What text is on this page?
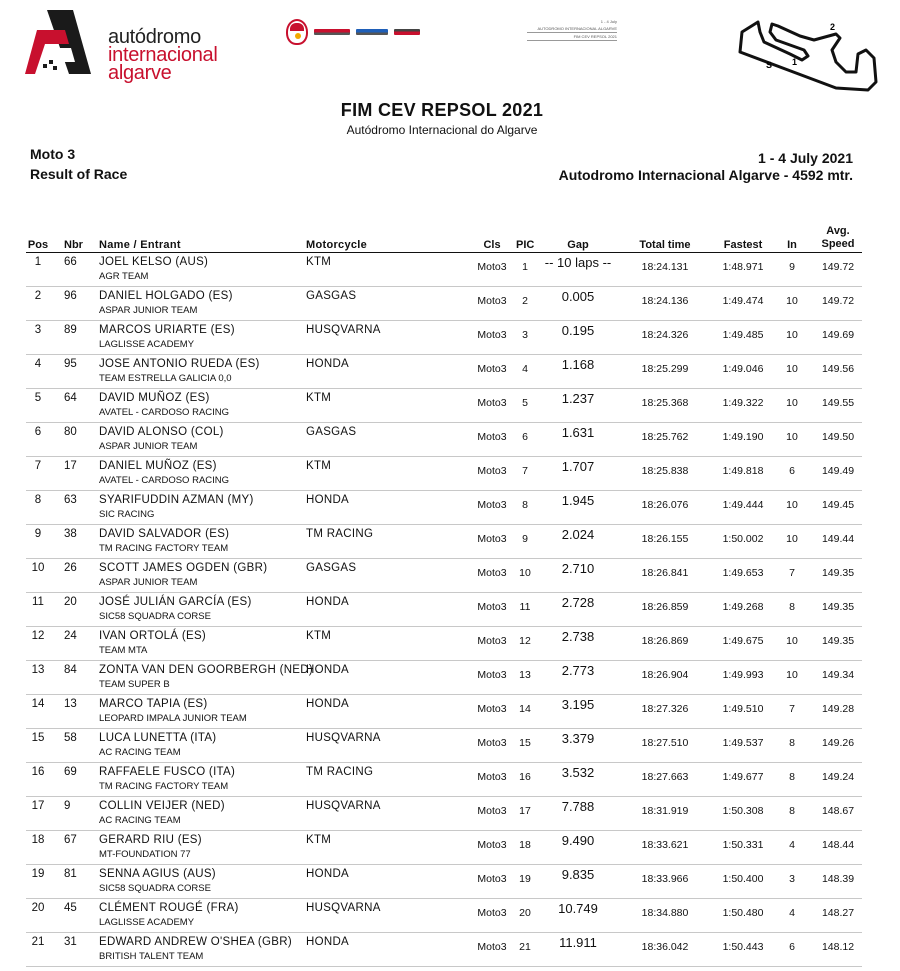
autódromo
internacional
algarve
1 - 4 July
AUTODROMO INTERNACIONAL ALGARVE
FIM CEV REPSOL 2021
S 1
2
FIM CEV REPSOL 2021
Autódromo Internacional do Algarve
Moto 3
Result of Race
1 - 4 July 2021
Autodromo Internacional Algarve - 4592 mtr.
Pos Nbr Name / Entrant	Motorcycle	Cls	PIC	Gap	Total time	Fastest	In
Avg.
Speed
1	66 JOEL KELSO (AUS)
AGR TEAM
KTM	Moto3	1	-- 10 laps --	18:24.131	1:48.971	9	149.72
2	96 DANIEL HOLGADO (ES)
ASPAR JUNIOR TEAM
GASGAS	Moto3	2	0.005	18:24.136	1:49.474	10	149.72
3	89 MARCOS URIARTE (ES)
LAGLISSE ACADEMY
HUSQVARNA	Moto3	3	0.195	18:24.326	1:49.485	10	149.69
4	95 JOSE ANTONIO RUEDA (ES)
TEAM ESTRELLA GALICIA 0,0
HONDA	Moto3	4	1.168	18:25.299	1:49.046	10	149.56
5	64 DAVID MUÑOZ (ES)
AVATEL - CARDOSO RACING
KTM	Moto3	5	1.237	18:25.368	1:49.322	10	149.55
6	80 DAVID ALONSO (COL)
ASPAR JUNIOR TEAM
GASGAS	Moto3	6	1.631	18:25.762	1:49.190	10	149.50
7	17 DANIEL MUÑOZ (ES)
AVATEL - CARDOSO RACING
KTM	Moto3	7	1.707	18:25.838	1:49.818	6	149.49
8	63 SYARIFUDDIN AZMAN (MY)
SIC RACING
HONDA	Moto3	8	1.945	18:26.076	1:49.444	10	149.45
9	38 DAVID SALVADOR (ES)
TM RACING FACTORY TEAM
TM RACING	Moto3	9	2.024	18:26.155	1:50.002	10	149.44
10	26 SCOTT JAMES OGDEN (GBR)
ASPAR JUNIOR TEAM
GASGAS	Moto3	10	2.710	18:26.841	1:49.653	7	149.35
11	20 JOSÉ JULIÁN GARCÍA (ES)
SIC58 SQUADRA CORSE
HONDA	Moto3	11	2.728	18:26.859	1:49.268	8	149.35
12	24 IVAN ORTOLÁ (ES)
TEAM MTA
KTM	Moto3	12	2.738	18:26.869	1:49.675	10	149.35
13	84 ZONTA VAN DEN GOORBERGH (NED)
TEAM SUPER B
HONDA	Moto3	13	2.773	18:26.904	1:49.993	10	149.34
14	13 MARCO TAPIA (ES)
LEOPARD IMPALA JUNIOR TEAM
HONDA	Moto3	14	3.195	18:27.326	1:49.510	7	149.28
15	58 LUCA LUNETTA (ITA)
AC RACING TEAM
HUSQVARNA	Moto3	15	3.379	18:27.510	1:49.537	8	149.26
16	69 RAFFAELE FUSCO (ITA)
TM RACING FACTORY TEAM
TM RACING	Moto3	16	3.532	18:27.663	1:49.677	8	149.24
17	9 COLLIN VEIJER (NED)
AC RACING TEAM
HUSQVARNA	Moto3	17	7.788	18:31.919	1:50.308	8	148.67
18	67 GERARD RIU (ES)
MT-FOUNDATION 77
KTM	Moto3	18	9.490	18:33.621	1:50.331	4	148.44
19	81 SENNA AGIUS (AUS)
SIC58 SQUADRA CORSE
HONDA	Moto3	19	9.835	18:33.966	1:50.400	3	148.39
20	45 CLÉMENT ROUGÉ (FRA)
LAGLISSE ACADEMY
HUSQVARNA	Moto3	20	10.749	18:34.880	1:50.480	4	148.27
21	31 EDWARD ANDREW O'SHEA (GBR)
BRITISH TALENT TEAM
HONDA	Moto3	21	11.911	18:36.042	1:50.443	6	148.12
